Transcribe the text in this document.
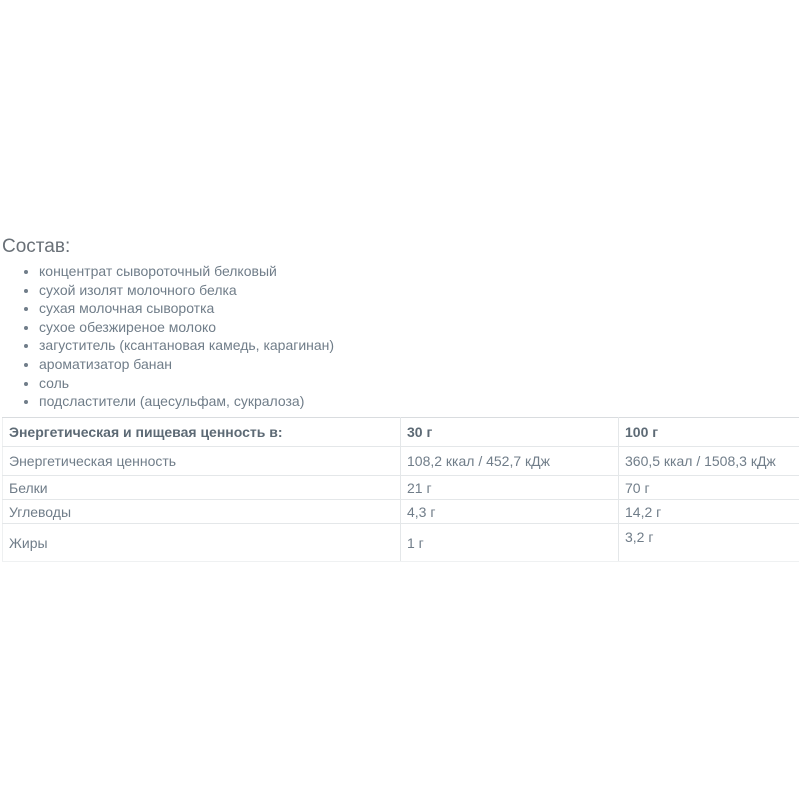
Состав:
• концентрат сывороточный белковый
• сухой изолят молочного белка
• сухая молочная сыворотка
• сухое обезжиреное молоко
• загуститель (ксантановая камедь, карагинан)
• ароматизатор банан
• соль
• подсластители (ацесульфам, сукралоза)
Энергетическая и пищевая ценность в:	30 г	100 г
Энергетическая ценность	108,2 ккал / 452,7 кДж	360,5 ккал / 1508,3 кДж
Белки	21 г	70 г
Углеводы	4,3 г	14,2 г
Жиры	1 г	3,2 г
